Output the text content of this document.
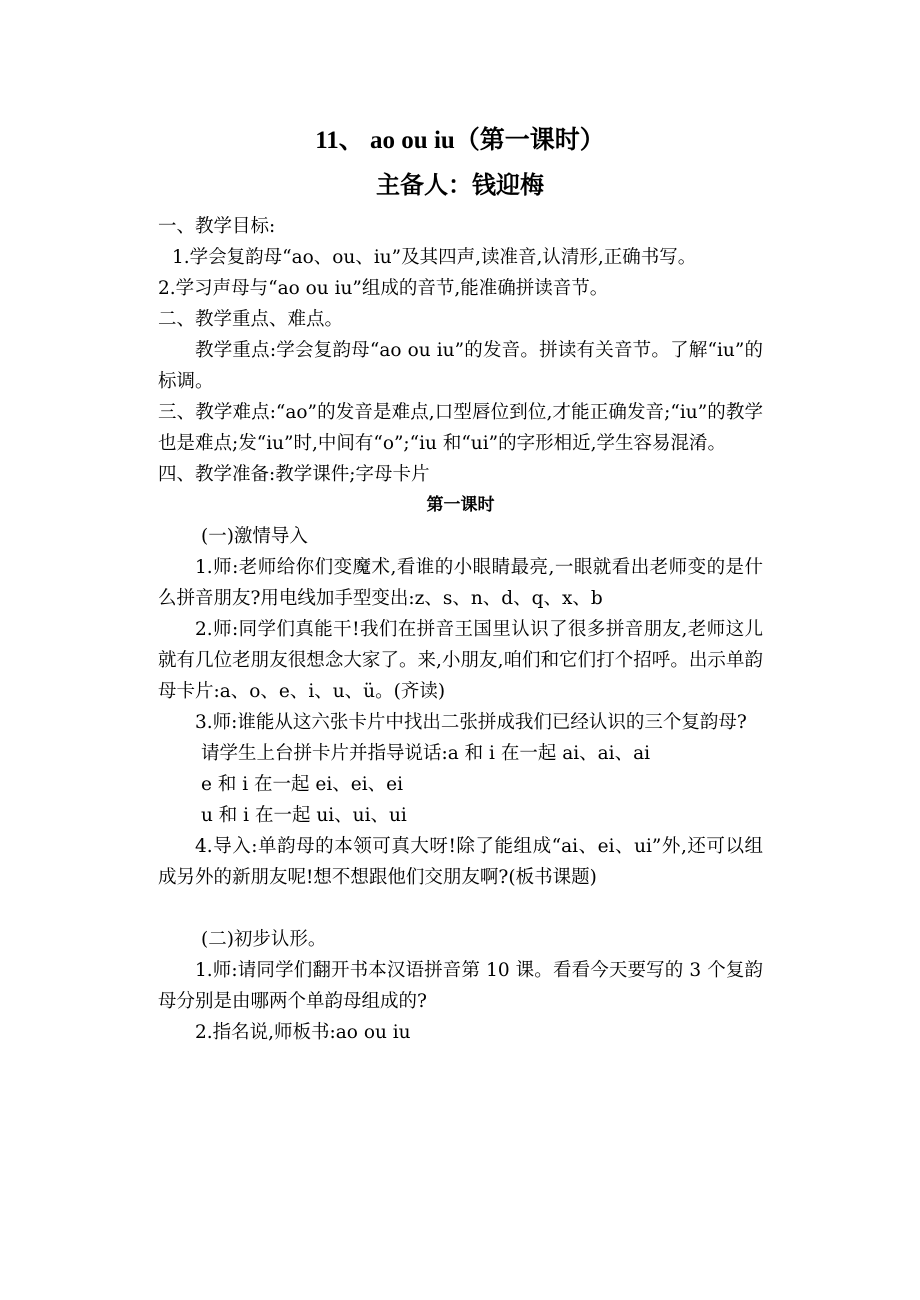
11、 ao ou iu（第一课时）
主备人：钱迎梅

一、教学目标:

1.学会复韵母“ao、ou、iu”及其四声,读准音,认清形,正确书写。

2.学习声母与“ao ou iu”组成的音节,能准确拼读音节。

二、教学重点、难点。

教学重点:学会复韵母“ao ou iu”的发音。拼读有关音节。了解“iu”的标调。

三、教学难点:“ao”的发音是难点,口型唇位到位,才能正确发音;“iu”的教学也是难点;发“iu”时,中间有“o”;“iu 和“ui”的字形相近,学生容易混淆。

四、教学准备:教学课件;字母卡片

第一课时

(一)激情导入

1.师:老师给你们变魔术,看谁的小眼睛最亮,一眼就看出老师变的是什么拼音朋友?用电线加手型变出:z、s、n、d、q、x、b

2.师:同学们真能干!我们在拼音王国里认识了很多拼音朋友,老师这儿就有几位老朋友很想念大家了。来,小朋友,咱们和它们打个招呼。出示单韵母卡片:a、o、e、i、u、ü。(齐读)

3.师:谁能从这六张卡片中找出二张拼成我们已经认识的三个复韵母?

请学生上台拼卡片并指导说话:a 和 i 在一起 ai、ai、ai

e 和 i 在一起 ei、ei、ei

u 和 i 在一起 ui、ui、ui

4.导入:单韵母的本领可真大呀!除了能组成“ai、ei、ui”外,还可以组成另外的新朋友呢!想不想跟他们交朋友啊?(板书课题)

(二)初步认形。

1.师:请同学们翻开书本汉语拼音第 10 课。看看今天要写的 3 个复韵母分别是由哪两个单韵母组成的?

2.指名说,师板书:ao ou iu
